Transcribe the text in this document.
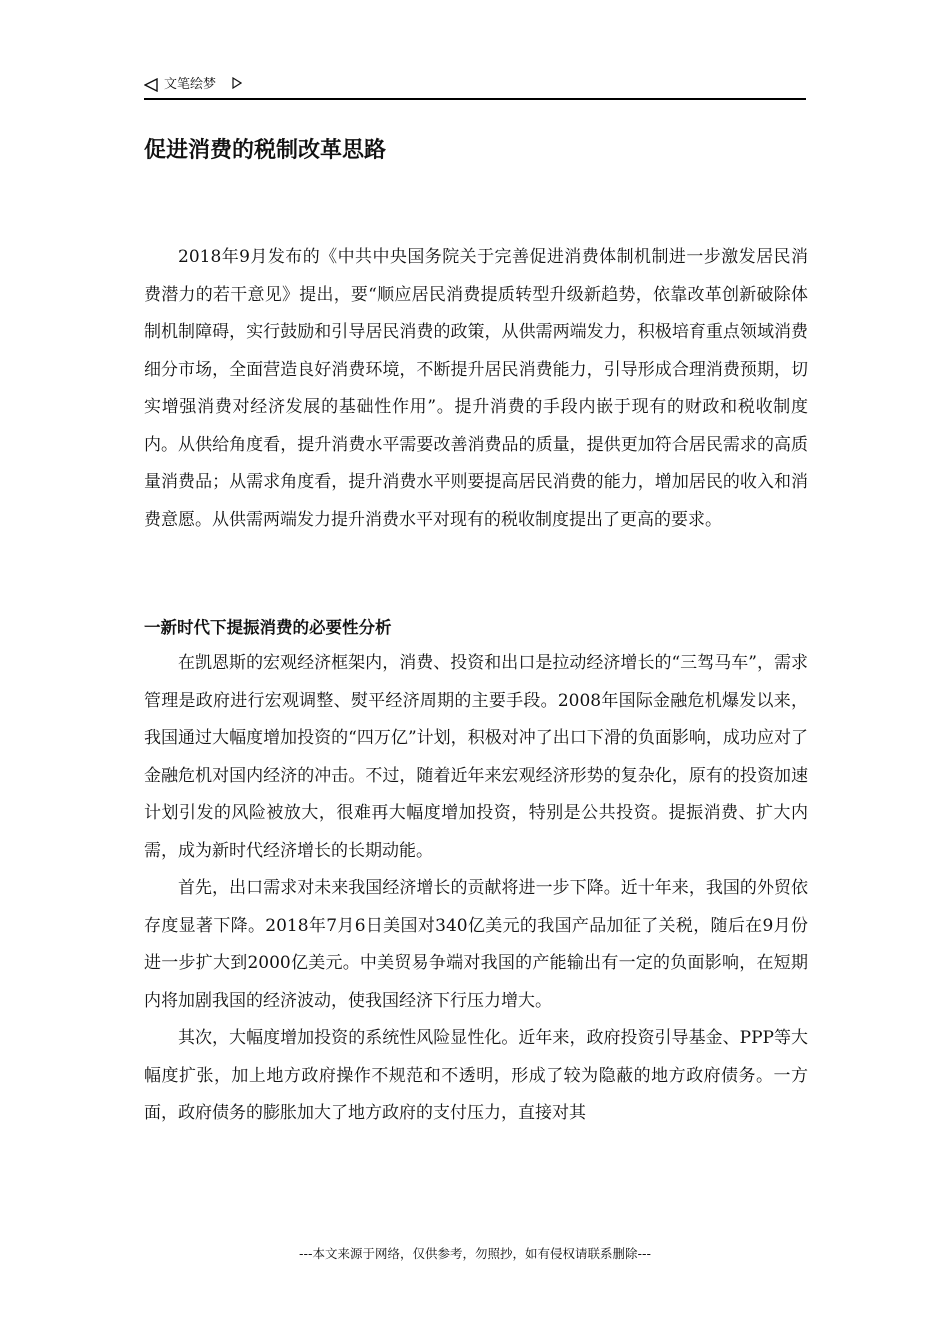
文笔绘梦
促进消费的税制改革思路

2018年9月发布的《中共中央国务院关于完善促进消费体制机制进一步激发居民消费潜力的若干意见》提出，要“顺应居民消费提质转型升级新趋势，依靠改革创新破除体制机制障碍，实行鼓励和引导居民消费的政策，从供需两端发力，积极培育重点领域消费细分市场，全面营造良好消费环境，不断提升居民消费能力，引导形成合理消费预期，切实增强消费对经济发展的基础性作用”。提升消费的手段内嵌于现有的财政和税收制度内。从供给角度看，提升消费水平需要改善消费品的质量，提供更加符合居民需求的高质量消费品；从需求角度看，提升消费水平则要提高居民消费的能力，增加居民的收入和消费意愿。从供需两端发力提升消费水平对现有的税收制度提出了更高的要求。

一新时代下提振消费的必要性分析

在凯恩斯的宏观经济框架内，消费、投资和出口是拉动经济增长的“三驾马车”，需求管理是政府进行宏观调整、熨平经济周期的主要手段。2008年国际金融危机爆发以来，我国通过大幅度增加投资的“四万亿”计划，积极对冲了出口下滑的负面影响，成功应对了金融危机对国内经济的冲击。不过，随着近年来宏观经济形势的复杂化，原有的投资加速计划引发的风险被放大，很难再大幅度增加投资，特别是公共投资。提振消费、扩大内需，成为新时代经济增长的长期动能。

首先，出口需求对未来我国经济增长的贡献将进一步下降。近十年来，我国的外贸依存度显著下降。2018年7月6日美国对340亿美元的我国产品加征了关税，随后在9月份进一步扩大到2000亿美元。中美贸易争端对我国的产能输出有一定的负面影响，在短期内将加剧我国的经济波动，使我国经济下行压力增大。

其次，大幅度增加投资的系统性风险显性化。近年来，政府投资引导基金、PPP等大幅度扩张，加上地方政府操作不规范和不透明，形成了较为隐蔽的地方政府债务。一方面，政府债务的膨胀加大了地方政府的支付压力，直接对其

---本文来源于网络，仅供参考，勿照抄，如有侵权请联系删除---
